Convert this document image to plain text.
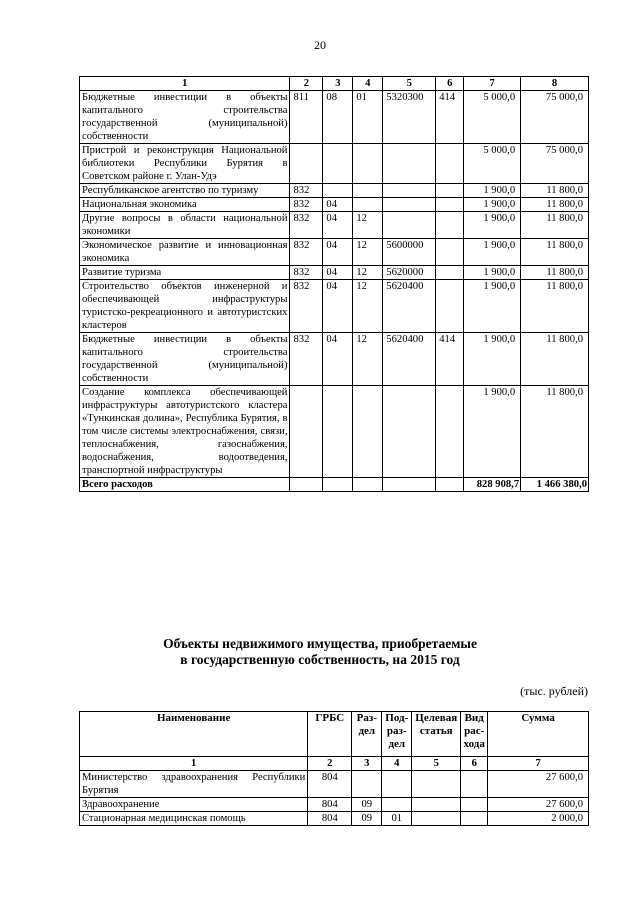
20
1	2	3	4	5	6	7	8
Бюджетные инвестиции в объекты капитального строительства государственной (муниципальной) собственности	811	08	01	5320300	414	5 000,0	75 000,0
Пристрой и реконструкция Национальной библиотеки Республики Бурятия в Советском районе г. Улан-Удэ						5 000,0	75 000,0
Республиканское агентство по туризму	832					1 900,0	11 800,0
Национальная экономика	832	04				1 900,0	11 800,0
Другие вопросы в области национальной экономики	832	04	12			1 900,0	11 800,0
Экономическое развитие и инновационная экономика	832	04	12	5600000		1 900,0	11 800,0
Развитие туризма	832	04	12	5620000		1 900,0	11 800,0
Строительство объектов инженерной и обеспечивающей инфраструктуры туристско-рекреационного и автотуристских кластеров	832	04	12	5620400		1 900,0	11 800,0
Бюджетные инвестиции в объекты капитального строительства государственной (муниципальной) собственности	832	04	12	5620400	414	1 900,0	11 800,0
Создание комплекса обеспечивающей инфраструктуры автотуристского кластера «Тункинская долина», Республика Бурятия, в том числе системы электроснабжения, связи, теплоснабжения, газоснабжения, водоснабжения, водоотведения, транспортной инфраструктуры						1 900,0	11 800,0
Всего расходов						828 908,7	1 466 380,0
Объекты недвижимого имущества, приобретаемые
в государственную собственность, на 2015 год
(тыс. рублей)
Наименование	ГРБС	Раз-дел	Под-раз-дел	Целевая статья	Вид рас-хода	Сумма
1	2	3	4	5	6	7
Министерство здравоохранения Республики Бурятия	804					27 600,0
Здравоохранение	804	09				27 600,0
Стационарная медицинская помощь	804	09	01			2 000,0
